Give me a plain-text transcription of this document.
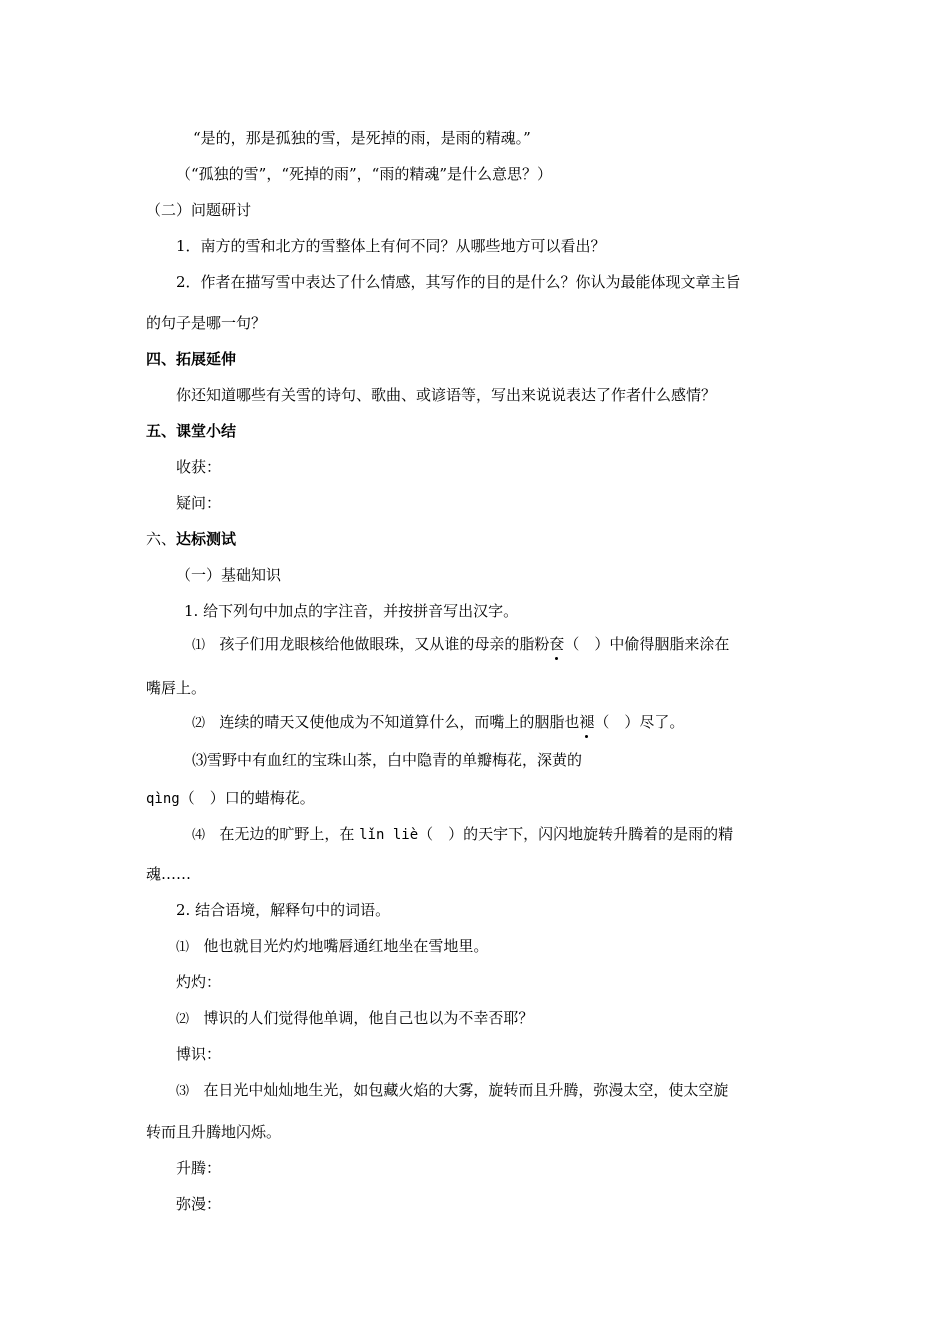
“是的，那是孤独的雪，是死掉的雨，是雨的精魂。”
（“孤独的雪”，“死掉的雨”，“雨的精魂”是什么意思？）
（二）问题研讨
1．南方的雪和北方的雪整体上有何不同？从哪些地方可以看出？
2．作者在描写雪中表达了什么情感，其写作的目的是什么？你认为最能体现文章主旨
的句子是哪一句？
四、拓展延伸
你还知道哪些有关雪的诗句、歌曲、或谚语等，写出来说说表达了作者什么感情？
五、课堂小结
收获：
疑问：
六、达标测试
（一）基础知识
1. 给下列句中加点的字注音，并按拼音写出汉字。
⑴ 孩子们用龙眼核给他做眼珠，又从谁的母亲的脂粉奁（　）中偷得胭脂来涂在
嘴唇上。
⑵ 连续的晴天又使他成为不知道算什么，而嘴上的胭脂也褪（　）尽了。
⑶雪野中有血红的宝珠山茶，白中隐青的单瓣梅花，深黄的
qìng（　）口的蜡梅花。
⑷ 在无边的旷野上，在 lǐn liè（　）的天宇下，闪闪地旋转升腾着的是雨的精
魂……
2. 结合语境，解释句中的词语。
⑴ 他也就目光灼灼地嘴唇通红地坐在雪地里。
灼灼：
⑵ 博识的人们觉得他单调，他自己也以为不幸否耶？
博识：
⑶ 在日光中灿灿地生光，如包藏火焰的大雾，旋转而且升腾，弥漫太空，使太空旋
转而且升腾地闪烁。
升腾：
弥漫：
